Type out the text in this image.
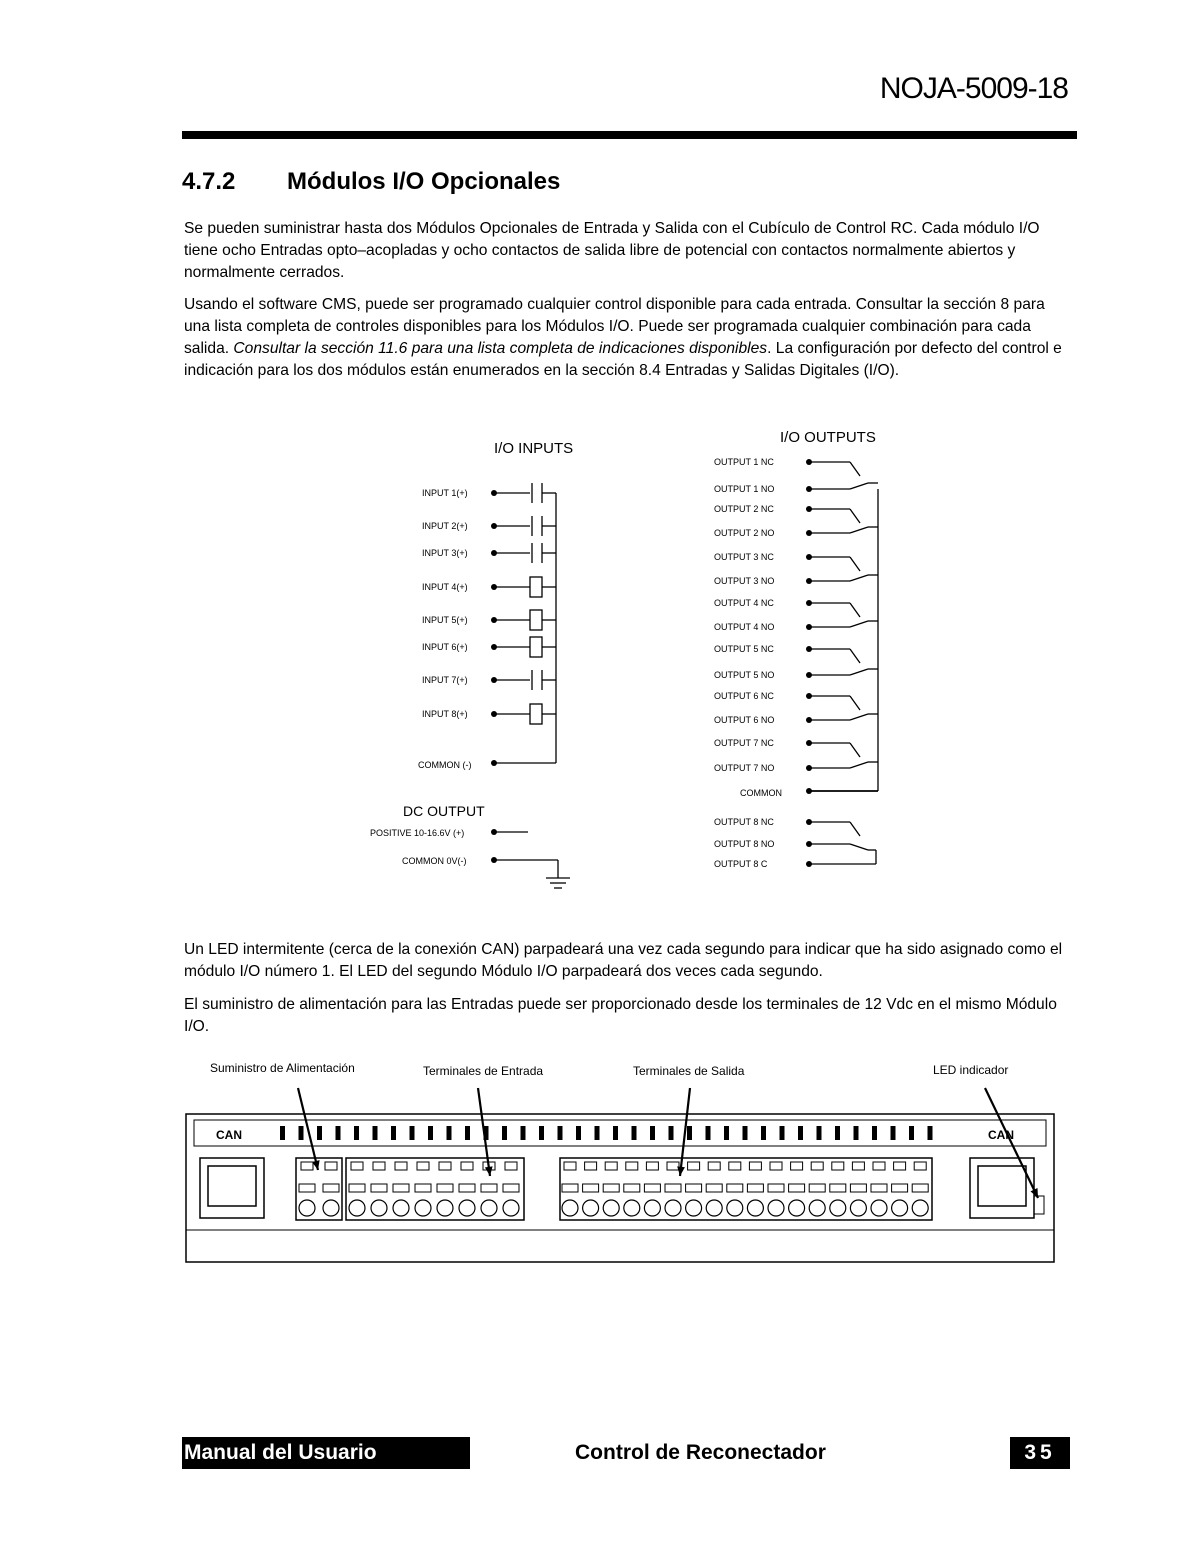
NOJA-5009-18
4.7.2 Módulos I/O Opcionales

Se pueden suministrar hasta dos Módulos Opcionales de Entrada y Salida con el Cubículo de Control RC. Cada módulo I/O tiene ocho Entradas opto–acopladas y ocho contactos de salida libre de potencial con contactos normalmente abiertos y normalmente cerrados.

Usando el software CMS, puede ser programado cualquier control disponible para cada entrada. Consultar la sección 8 para una lista completa de controles disponibles para los Módulos I/O. Puede ser programada cualquier combinación para cada salida. Consultar la sección 11.6 para una lista completa de indicaciones disponibles. La configuración por defecto del control e indicación para los dos módulos están enumerados en la sección 8.4 Entradas y Salidas Digitales (I/O).

I/O INPUTS
I/O OUTPUTS
INPUT 1(+)
INPUT 2(+)
INPUT 3(+)
INPUT 4(+)
INPUT 5(+)
INPUT 6(+)
INPUT 7(+)
INPUT 8(+)
COMMON (-)
DC OUTPUT
POSITIVE 10-16.6V (+)
COMMON 0V(-)
OUTPUT 1 NC
OUTPUT 1 NO
OUTPUT 2 NC
OUTPUT 2 NO
OUTPUT 3 NC
OUTPUT 3 NO
OUTPUT 4 NC
OUTPUT 4 NO
OUTPUT 5 NC
OUTPUT 5 NO
OUTPUT 6 NC
OUTPUT 6 NO
OUTPUT 7 NC
OUTPUT 7 NO
COMMON
OUTPUT 8 NC
OUTPUT 8 NO
OUTPUT 8 C

Un LED intermitente (cerca de la conexión CAN) parpadeará una vez cada segundo para indicar que ha sido asignado como el módulo I/O número 1. El LED del segundo Módulo I/O parpadeará dos veces cada segundo.

El suministro de alimentación para las Entradas puede ser proporcionado desde los terminales de 12 Vdc en el mismo Módulo I/O.

Suministro de Alimentación	Terminales de Entrada	Terminales de Salida	LED indicador
CAN	CAN
Manual del Usuario	Control de Reconectador	35
